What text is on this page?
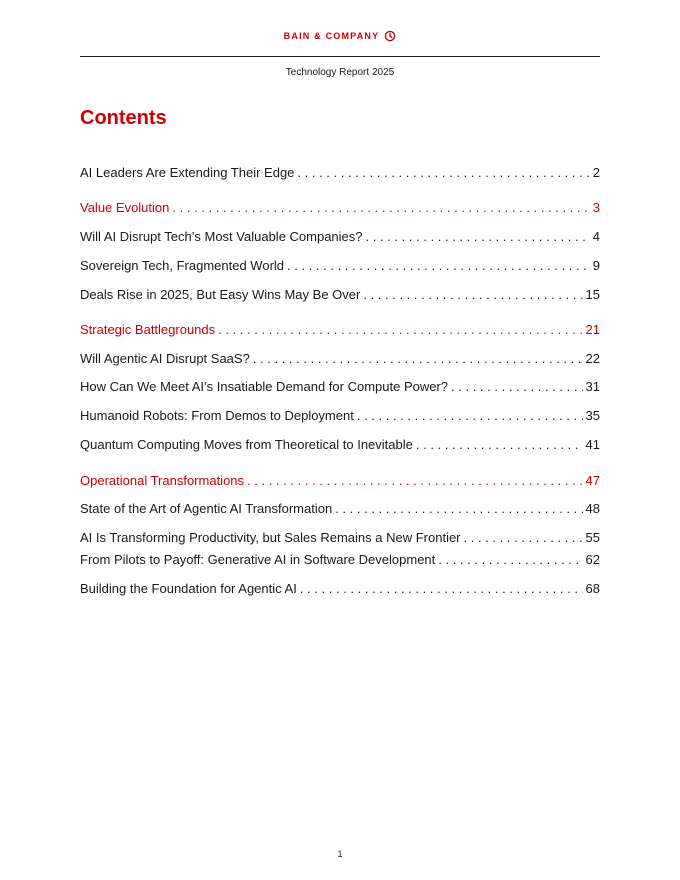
BAIN & COMPANY
Technology Report 2025
Contents
AI Leaders Are Extending Their Edge . . .	2
Value Evolution . . .	3
Will AI Disrupt Tech’s Most Valuable Companies? . . .	4
Sovereign Tech, Fragmented World . . .	9
Deals Rise in 2025, But Easy Wins May Be Over . . .	15
Strategic Battlegrounds . . .	21
Will Agentic AI Disrupt SaaS? . . .	22
How Can We Meet AI’s Insatiable Demand for Compute Power? . . .	31
Humanoid Robots: From Demos to Deployment . . .	35
Quantum Computing Moves from Theoretical to Inevitable . . .	41
Operational Transformations . . .	47
State of the Art of Agentic AI Transformation . . .	48
AI Is Transforming Productivity, but Sales Remains a New Frontier . . .	55
From Pilots to Payoff: Generative AI in Software Development . . .	62
Building the Foundation for Agentic AI . . .	68
1
